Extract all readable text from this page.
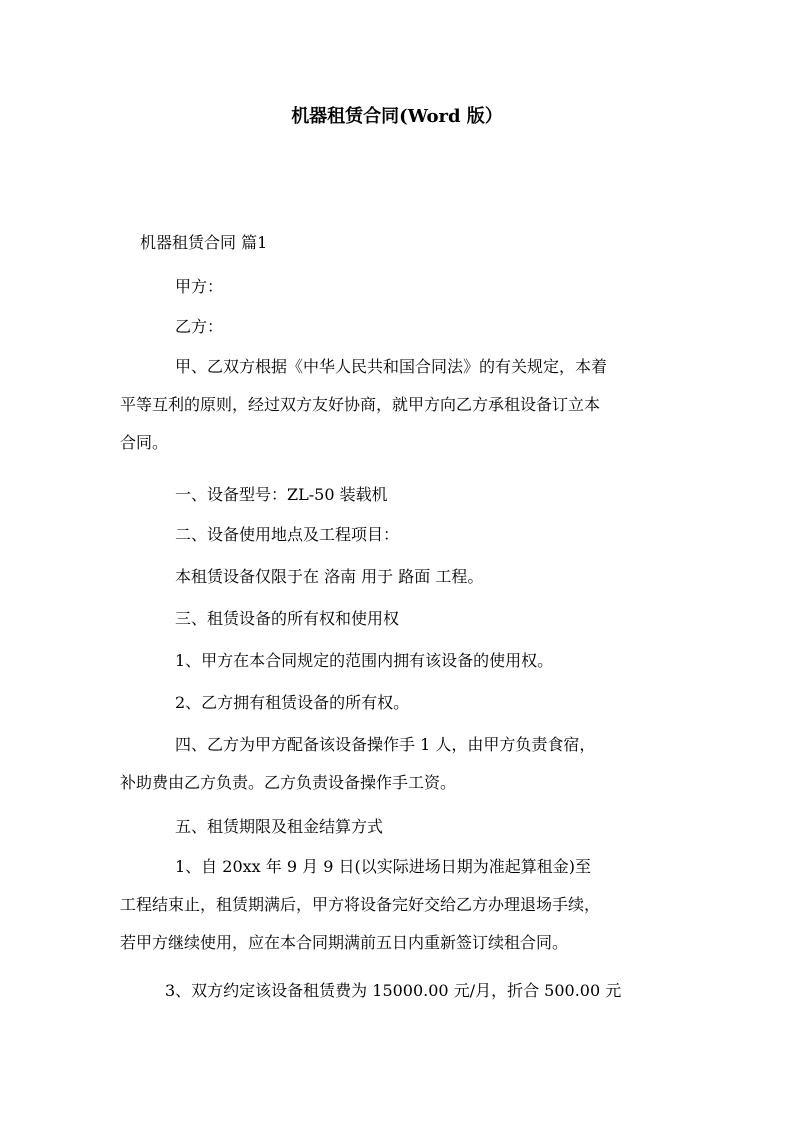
机器租赁合同(Word 版）
机器租赁合同 篇1
甲方：
乙方：
甲、乙双方根据《中华人民共和国合同法》的有关规定，本着
平等互利的原则，经过双方友好协商，就甲方向乙方承租设备订立本
合同。
一、设备型号：ZL-50 装载机
二、设备使用地点及工程项目：
本租赁设备仅限于在 洛南 用于 路面 工程。
三、租赁设备的所有权和使用权
1、甲方在本合同规定的范围内拥有该设备的使用权。
2、乙方拥有租赁设备的所有权。
四、乙方为甲方配备该设备操作手 1 人，由甲方负责食宿，
补助费由乙方负责。乙方负责设备操作手工资。
五、租赁期限及租金结算方式
1、自 20xx 年 9 月 9 日(以实际进场日期为准起算租金)至
工程结束止，租赁期满后，甲方将设备完好交给乙方办理退场手续，
若甲方继续使用，应在本合同期满前五日内重新签订续租合同。
3、双方约定该设备租赁费为 15000.00 元/月，折合 500.00 元
